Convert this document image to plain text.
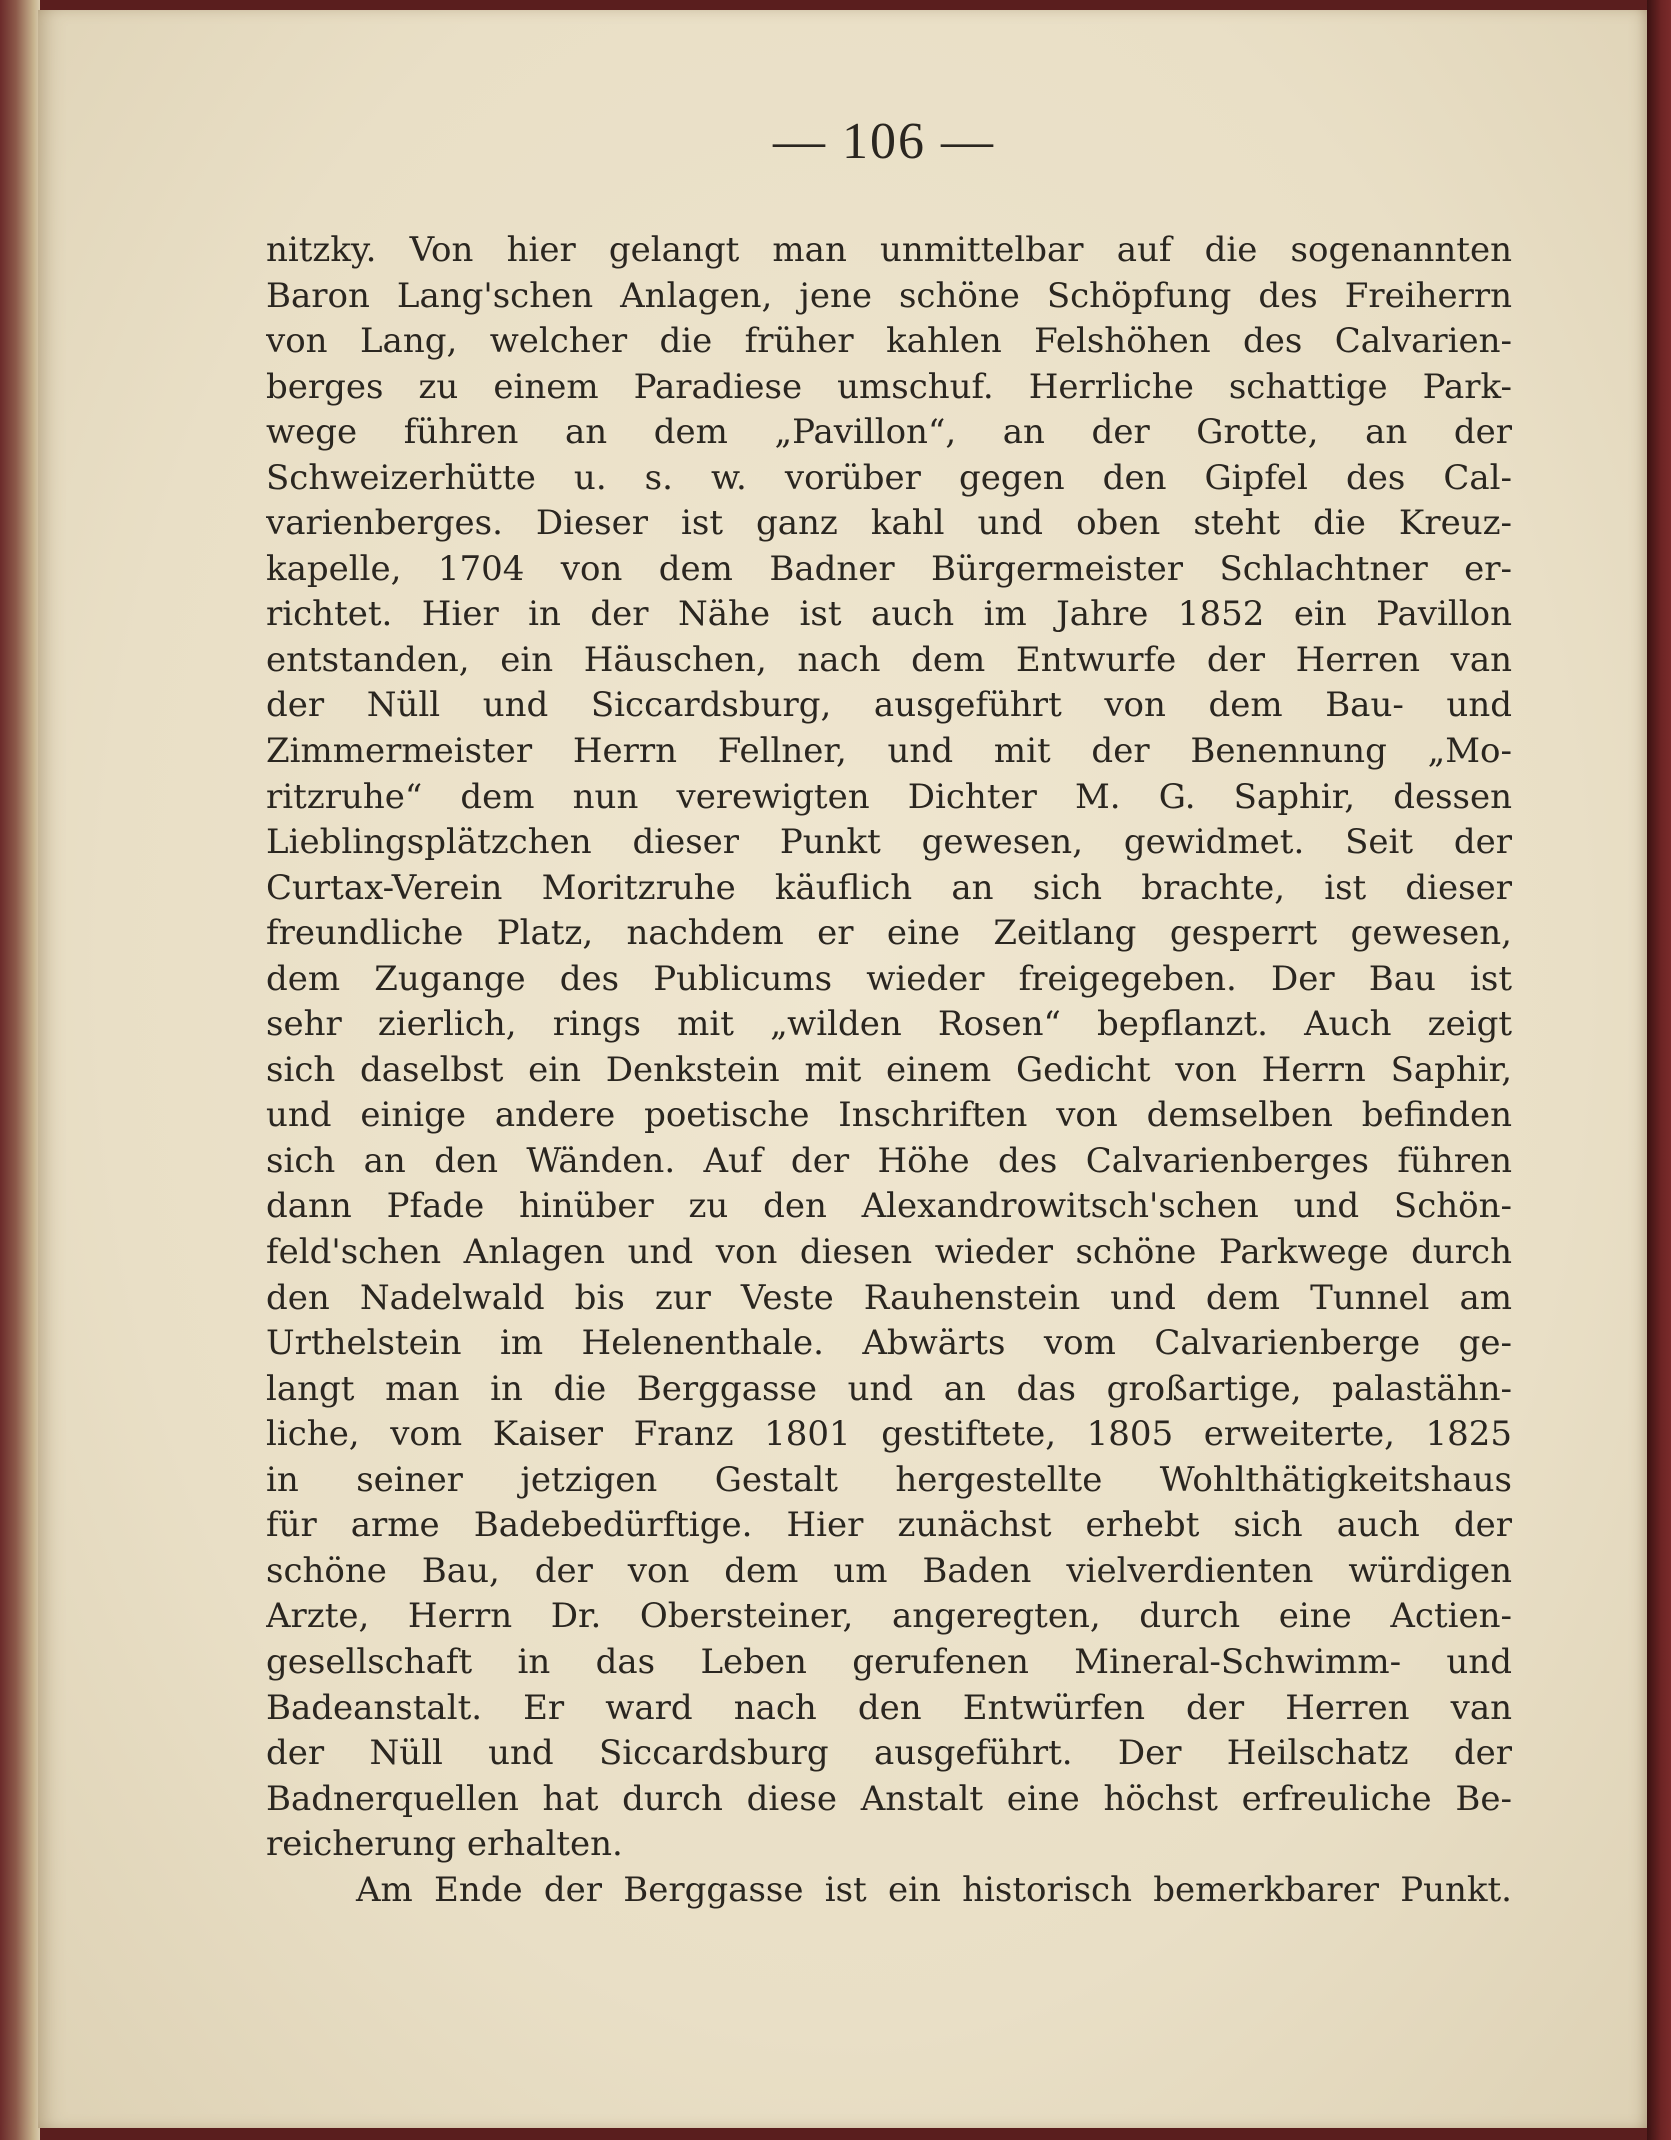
— 106 —
nitzky. Von hier gelangt man unmittelbar auf die sogenannten
Baron Lang'schen Anlagen, jene schöne Schöpfung des Freiherrn
von Lang, welcher die früher kahlen Felshöhen des Calvarien-
berges zu einem Paradiese umschuf. Herrliche schattige Park-
wege führen an dem „Pavillon“, an der Grotte, an der
Schweizerhütte u. s. w. vorüber gegen den Gipfel des Cal-
varienberges. Dieser ist ganz kahl und oben steht die Kreuz-
kapelle, 1704 von dem Badner Bürgermeister Schlachtner er-
richtet. Hier in der Nähe ist auch im Jahre 1852 ein Pavillon
entstanden, ein Häuschen, nach dem Entwurfe der Herren van
der Nüll und Siccardsburg, ausgeführt von dem Bau- und
Zimmermeister Herrn Fellner, und mit der Benennung „Mo-
ritzruhe“ dem nun verewigten Dichter M. G. Saphir, dessen
Lieblingsplätzchen dieser Punkt gewesen, gewidmet. Seit der
Curtax-Verein Moritzruhe käuflich an sich brachte, ist dieser
freundliche Platz, nachdem er eine Zeitlang gesperrt gewesen,
dem Zugange des Publicums wieder freigegeben. Der Bau ist
sehr zierlich, rings mit „wilden Rosen“ bepflanzt. Auch zeigt
sich daselbst ein Denkstein mit einem Gedicht von Herrn Saphir,
und einige andere poetische Inschriften von demselben befinden
sich an den Wänden. Auf der Höhe des Calvarienberges führen
dann Pfade hinüber zu den Alexandrowitsch'schen und Schön-
feld'schen Anlagen und von diesen wieder schöne Parkwege durch
den Nadelwald bis zur Veste Rauhenstein und dem Tunnel am
Urthelstein im Helenenthale. Abwärts vom Calvarienberge ge-
langt man in die Berggasse und an das großartige, palastähn-
liche, vom Kaiser Franz 1801 gestiftete, 1805 erweiterte, 1825
in seiner jetzigen Gestalt hergestellte Wohlthätigkeitshaus
für arme Badebedürftige. Hier zunächst erhebt sich auch der
schöne Bau, der von dem um Baden vielverdienten würdigen
Arzte, Herrn Dr. Obersteiner, angeregten, durch eine Actien-
gesellschaft in das Leben gerufenen Mineral-Schwimm- und
Badeanstalt. Er ward nach den Entwürfen der Herren van
der Nüll und Siccardsburg ausgeführt. Der Heilschatz der
Badnerquellen hat durch diese Anstalt eine höchst erfreuliche Be-
reicherung erhalten.
Am Ende der Berggasse ist ein historisch bemerkbarer Punkt.
